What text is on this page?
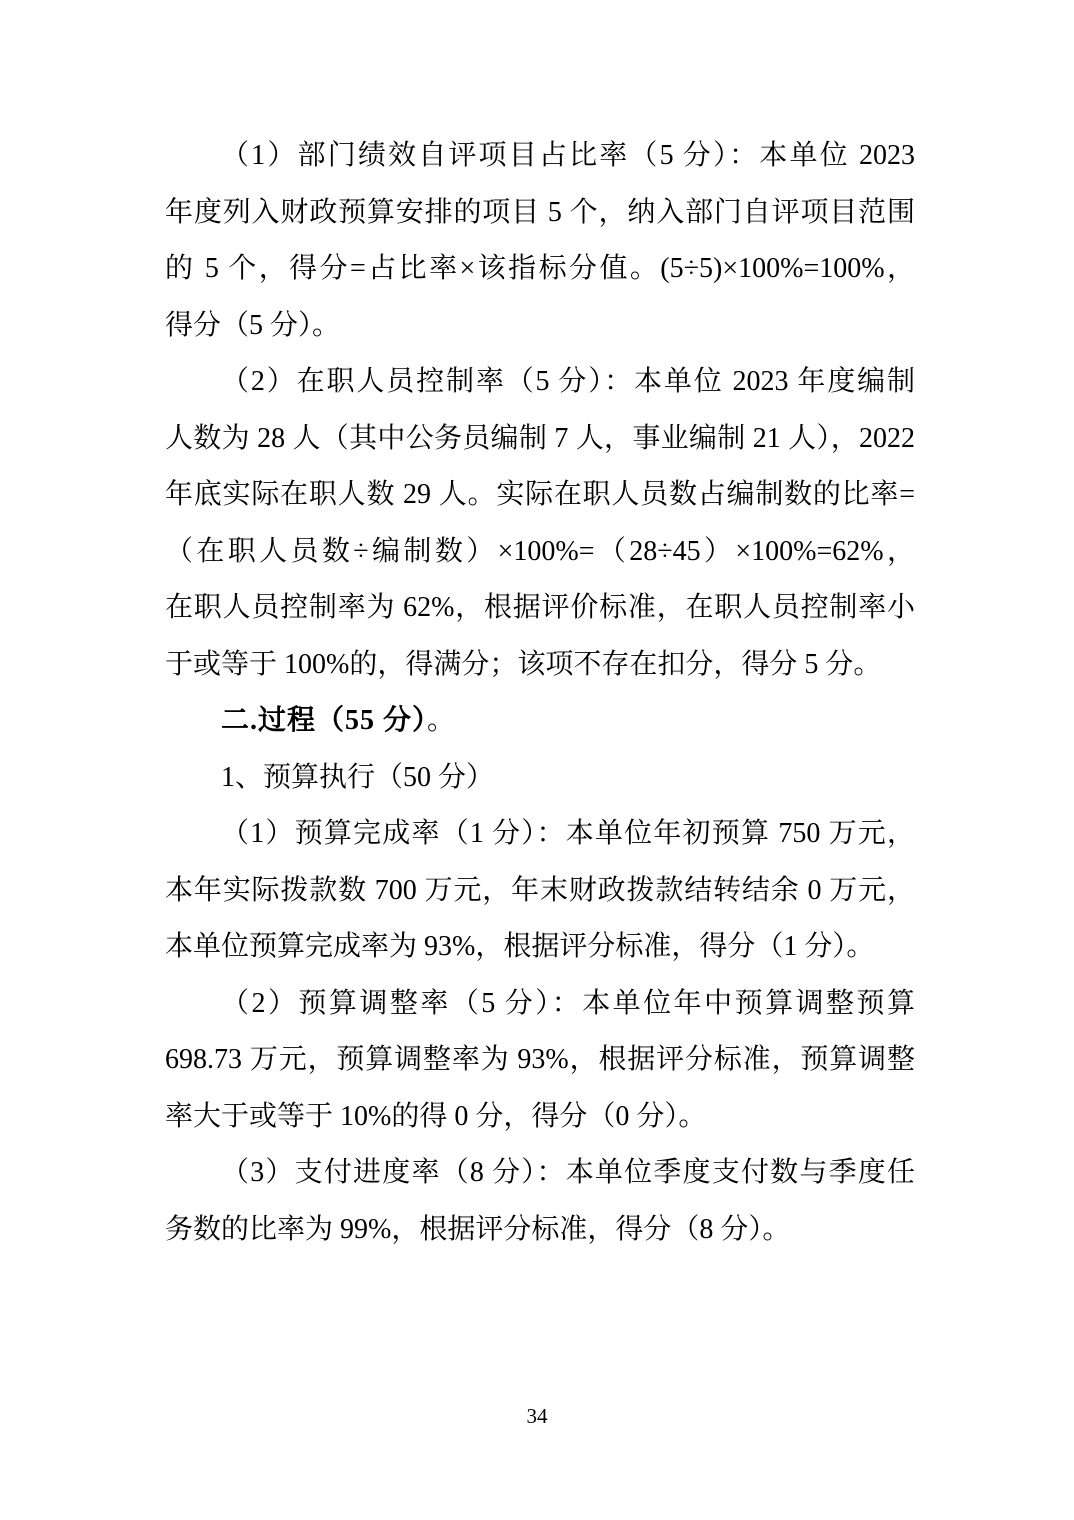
（1）部门绩效自评项目占比率（5 分）：本单位 2023
年度列入财政预算安排的项目 5 个，纳入部门自评项目范围
的 5 个，得分=占比率×该指标分值。(5÷5)×100%=100%，
得分（5 分）。
（2）在职人员控制率（5 分）：本单位 2023 年度编制
人数为 28 人（其中公务员编制 7 人，事业编制 21 人），2022
年底实际在职人数 29 人。实际在职人员数占编制数的比率=
（在职人员数÷编制数）×100%=（28÷45）×100%=62%，
在职人员控制率为 62%，根据评价标准，在职人员控制率小
于或等于 100%的，得满分；该项不存在扣分，得分 5 分。
二.过程（55 分）。
1、预算执行（50 分）
（1）预算完成率（1 分）：本单位年初预算 750 万元，
本年实际拨款数 700 万元，年末财政拨款结转结余 0 万元，
本单位预算完成率为 93%，根据评分标准，得分（1 分）。
（2）预算调整率（5 分）：本单位年中预算调整预算
698.73 万元，预算调整率为 93%，根据评分标准，预算调整
率大于或等于 10%的得 0 分，得分（0 分）。
（3）支付进度率（8 分）：本单位季度支付数与季度任
务数的比率为 99%，根据评分标准，得分（8 分）。
34
